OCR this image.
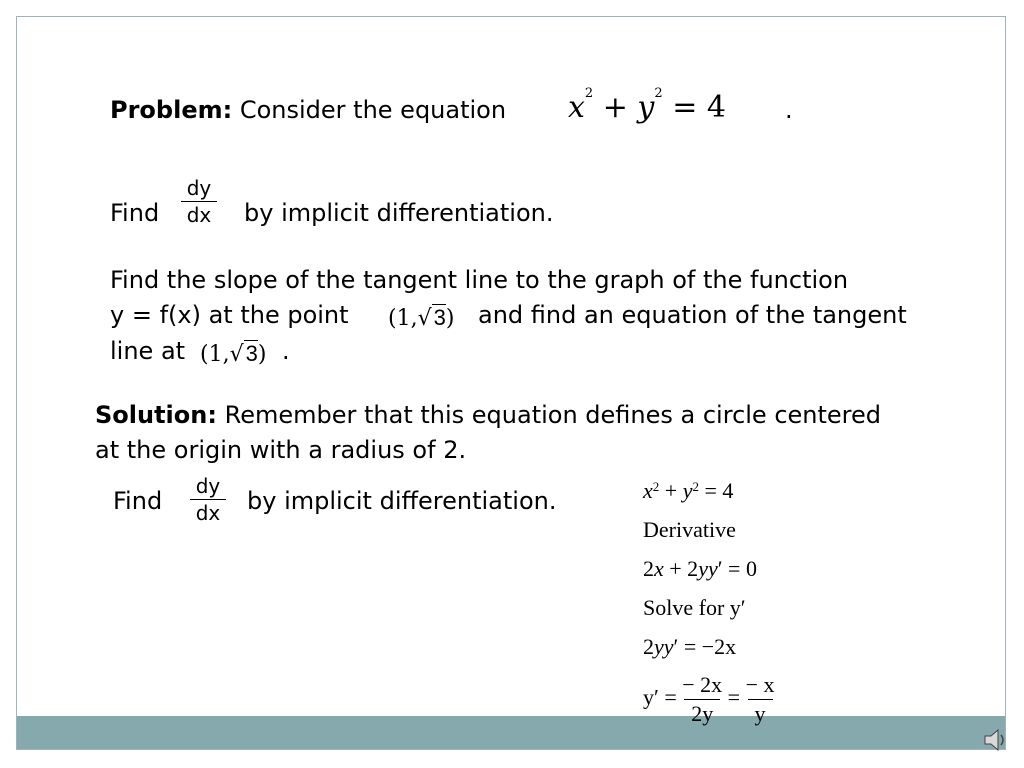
Problem: Consider the equation $x^2 + y^2 = 4$ .
Find
dy
dx by implicit differentiation.
Find the slope of the tangent line to the graph of the function
y = f(x) at the point (1,√3) and find an equation of the tangent
line at (1,√3) .
Solution: Remember that this equation defines a circle centered
at the origin with a radius of 2.
Find
dy
dx by implicit differentiation.	$x^2 + y^2 = 4$
Derivative
2x + 2yy′ = 0
Solve for y′
2yy′ = −2x
$y' = \frac{- 2x}{2y} = \frac{- x}{y}$
